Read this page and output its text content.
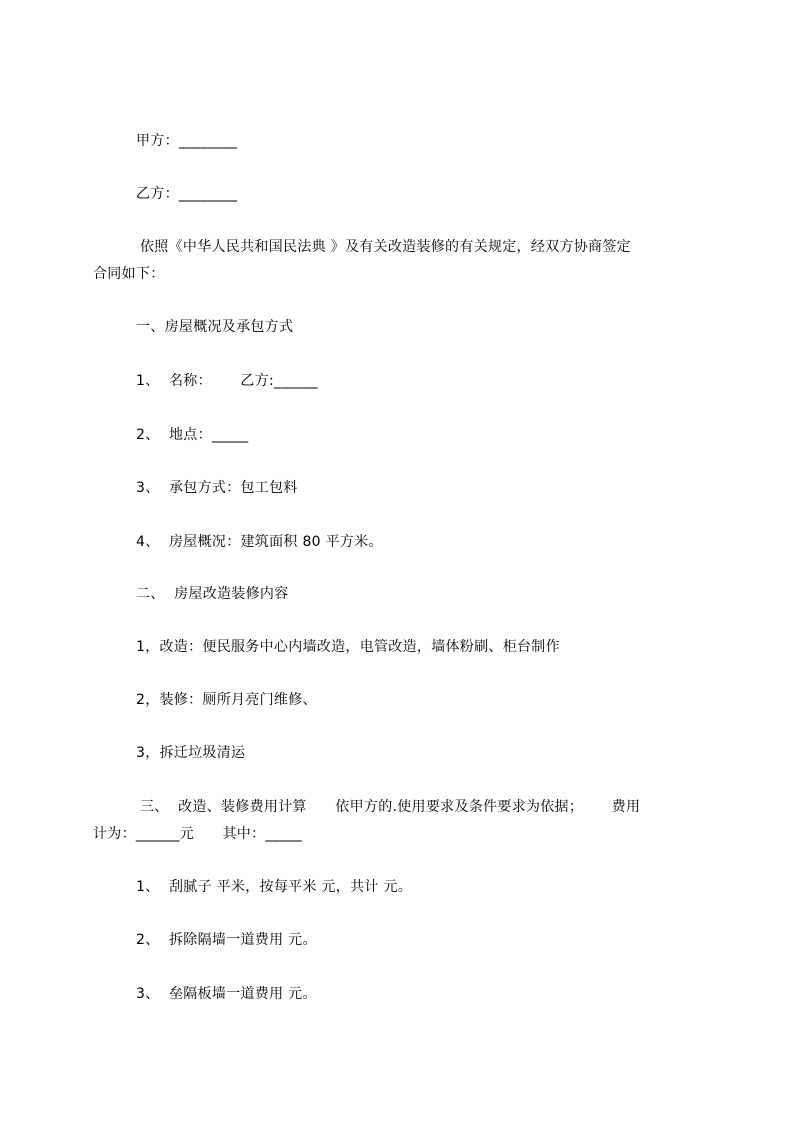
甲方：________
乙方：________
依照《中华人民共和国民法典 》及有关改造装修的有关规定，经双方协商签定
合同如下：
一、房屋概况及承包方式
1、  名称：      乙方:______
2、  地点：_____
3、  承包方式：包工包料
4、  房屋概况：建筑面积 80 平方米。
二、  房屋改造装修内容
1，改造：便民服务中心内墙改造，电管改造，墙体粉刷、柜台制作
2，装修：厕所月亮门维修、
3，拆迁垃圾清运
三、  改造、装修费用计算      依甲方的.使用要求及条件要求为依据；      费用
计为：______元      其中：_____
1、  刮腻子 平米，按每平米 元，共计 元。
2、  拆除隔墙一道费用 元。
3、  垒隔板墙一道费用 元。
